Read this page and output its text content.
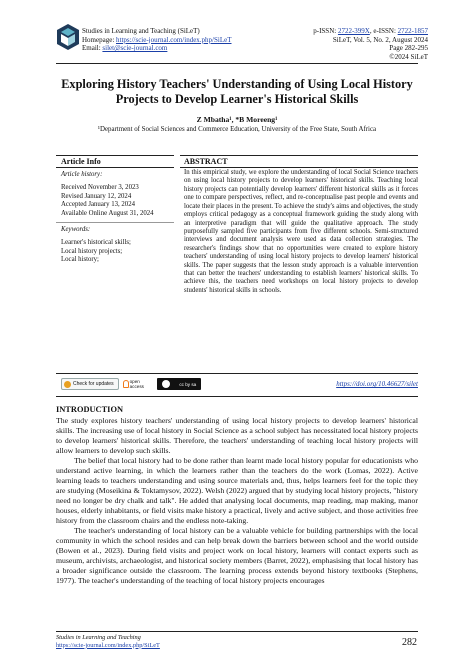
Studies in Learning and Teaching (SiLeT)
Homepage: https://scie-journal.com/index.php/SiLeT
Email: silet@scie-journal.com
p-ISSN: 2722-399X, e-ISSN: 2722-1857
SiLeT, Vol. 5, No. 2, August 2024
Page 282-295
©2024 SiLeT
Exploring History Teachers' Understanding of Using Local History
Projects to Develop Learner's Historical Skills
Z Mbatha¹, *B Moreeng¹
¹Department of Social Sciences and Commerce Education, University of the Free State, South Africa
Article Info
Article history:
Received November 3, 2023
Revised January 12, 2024
Accepted January 13, 2024
Available Online August 31, 2024
Keywords:
Learner's historical skills;
Local history projects;
Local history;
ABSTRACT
In this empirical study, we explore the understanding of local Social Science teachers on using local history projects to develop learners' historical skills. Teaching local history projects can potentially develop learners' different historical skills as it forces one to compare perspectives, reflect, and re-conceptualise past people and events and locate their places in the present. To achieve the study's aims and objectives, the study employs critical pedagogy as a conceptual framework guiding the study along with an interpretive paradigm that will guide the qualitative approach. The study purposefully sampled five participants from five different schools. Semi-structured interviews and document analysis were used as data collection strategies. The researcher's findings show that no opportunities were created to explore history teachers' understanding of using local history projects to develop learners' historical skills. The paper suggests that the lesson study approach is a valuable intervention that can better the teachers' understanding to establish learners' historical skills. To achieve this, the teachers need workshops on local history projects to develop students' historical skills in schools.
Check for updates	open access	cc by sa	https://doi.org/10.46627/silet
INTRODUCTION

The study explores history teachers' understanding of using local history projects to develop learners' historical skills. The increasing use of local history in Social Science as a school subject has necessitated local history projects to develop learners' historical skills. Therefore, the teachers' understanding of teaching local history projects will allow learners to develop such skills.

The belief that local history had to be done rather than learnt made local history popular for educationists who understand active learning, in which the learners rather than the teachers do the work (Lomas, 2022). Active learning leads to teachers understanding and using source materials and, thus, helps learners feel for the topic they are studying (Moseikina & Toktamysov, 2022). Welsh (2022) argued that by studying local history projects, "history need no longer be dry chalk and talk". He added that analysing local documents, map reading, map making, manor houses, elderly inhabitants, or field visits make history a practical, lively and active subject, and those activities free history from the classroom chairs and the endless note-taking.

The teacher's understanding of local history can be a valuable vehicle for building partnerships with the local community in which the school resides and can help break down the barriers between school and the world outside (Bowen et al., 2023). During field visits and project work on local history, learners will contact experts such as museum, archivists, archaeologist, and historical society members (Barret, 2022), emphasising that local history has a broader significance outside the classroom. The learning process extends beyond history textbooks (Stephens, 1977). The teacher's understanding of the teaching of local history projects encourages

Studies in Learning and Teaching
https://scie-journal.com/index.php/SiLeT	282
